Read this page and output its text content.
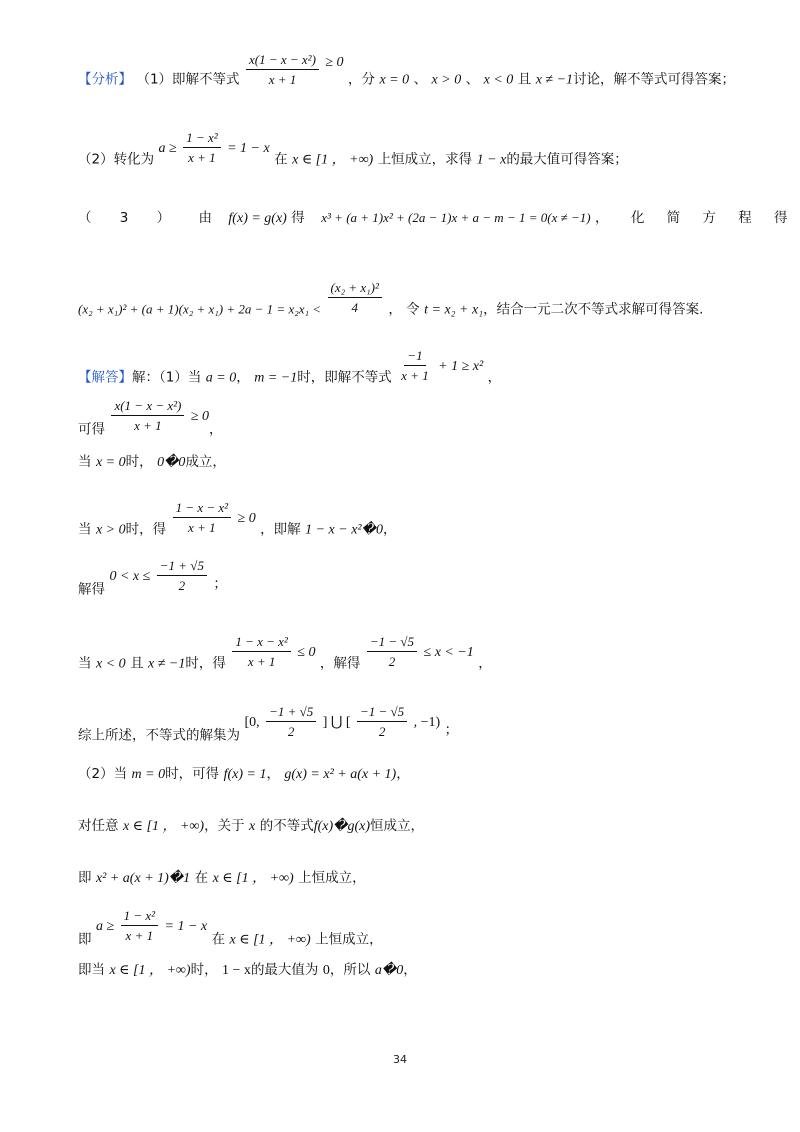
【分析】 （1）即解不等式 $\frac{\text{x(1 − x − x²)}}{x + 1} \ge 0$ ，分 x = 0 、 x > 0 、 x < 0 且 x ≠ −1讨论，解不等式可得答案；
（2）转化为 $a \ge \frac{\text{1 − x²}}{x + 1} = 1 - x$ 在 x ∈ [1 ， +∞) 上恒成立，求得 1 − x的最大值可得答案；
（ 3 ） 由 f(x) = g(x) 得 x³ + (a + 1)x² + (2a − 1)x + a − m − 1 = 0(x ≠ −1) ， 化 简 方 程 得
$(x_2 + x_1)^2 + (a + 1)(x_2 + x_1) + 2a - 1 = x_2x_1 < \frac{\text{(x₂ + x₁)²}}{4}$ ， 令 t = x₂ + x₁，结合一元二次不等式求解可得答案.
【解答】解：（1）当 a = 0， m = −1时，即解不等式 $\frac{-1}{x + 1} + 1 \ge x^2$ ，
可得 $\frac{\text{x(1 − x − x²)}}{x + 1} \ge 0$，
当 x = 0时， 0�0成立，
当 x > 0时，得 $\frac{\text{1 − x − x²}}{x + 1} \ge 0$ ，即解 1 − x − x²�0，
解得 $0 < x \le \frac{-1 + √5}{2}$ ；
当 x < 0 且 x ≠ −1时，得 $\frac{\text{1 − x − x²}}{x + 1} \le 0$ ，解得 $\frac{-1 - √5}{2} \le x < -1$ ，
综上所述，不等式的解集为 [0, $\frac{-1 + √5}{2}$ ] ⋃ [ $\frac{-1 - √5}{2}$ , −1) ；
（2）当 m = 0时，可得 f(x) = 1， g(x) = x² + a(x + 1)，
对任意 x ∈ [1 ， +∞)，关于 x 的不等式f(x)�g(x)恒成立，
即 x² + a(x + 1)�1 在 x ∈ [1 ， +∞) 上恒成立，
即 $a \ge \frac{\text{1 − x²}}{x + 1} = 1 - x$ 在 x ∈ [1 ， +∞) 上恒成立，
即当 x ∈ [1 ， +∞)时， 1 − x的最大值为 0，所以 a�0，
34
